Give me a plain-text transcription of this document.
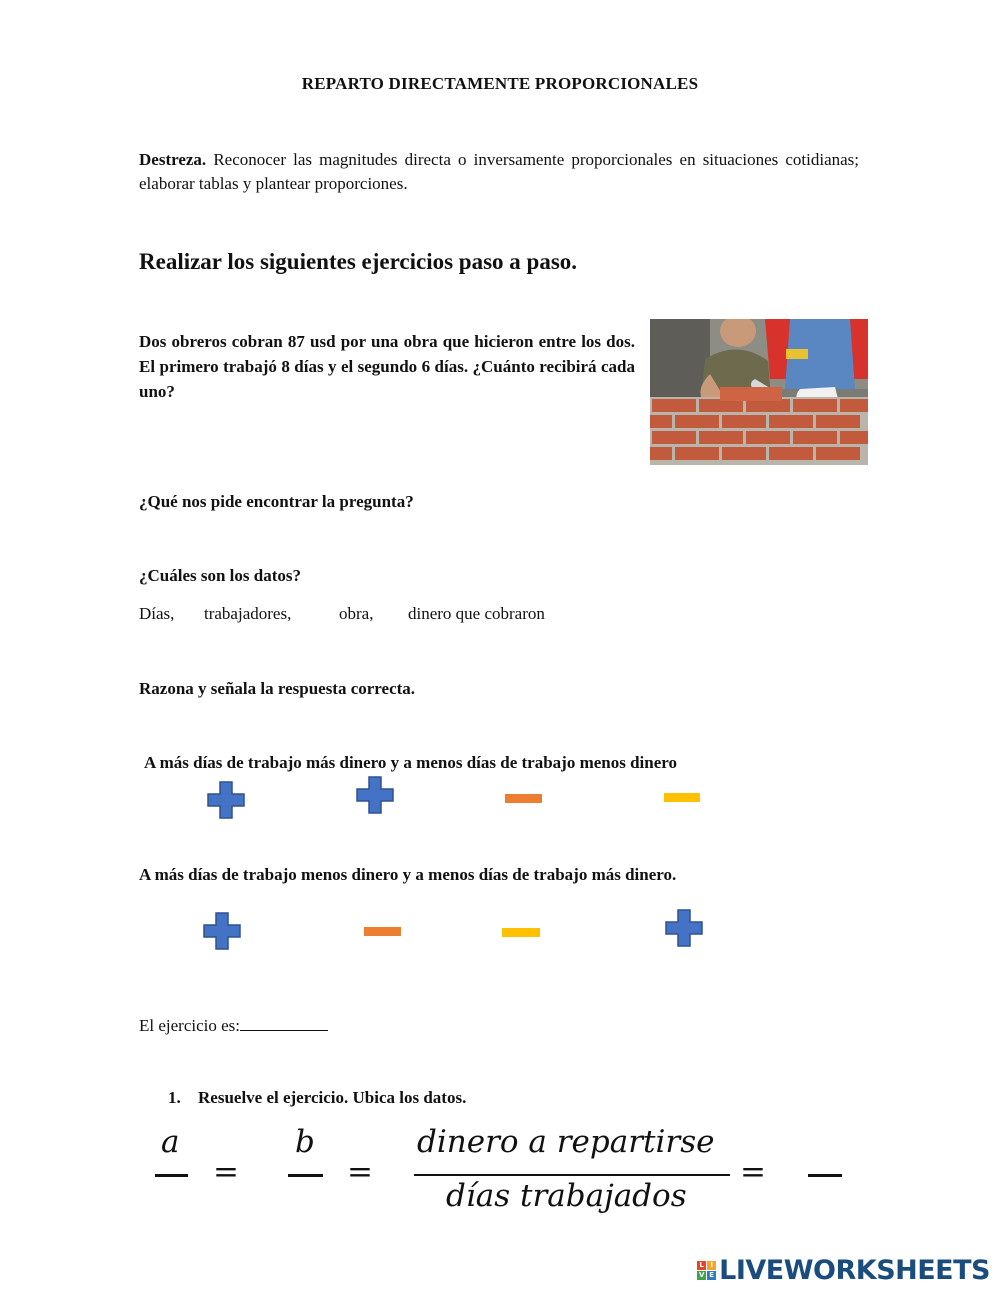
REPARTO DIRECTAMENTE PROPORCIONALES
Destreza. Reconocer las magnitudes directa o inversamente proporcionales en situaciones cotidianas; elaborar tablas y plantear proporciones.
Realizar los siguientes ejercicios paso a paso.
Dos obreros cobran 87 usd por una obra que hicieron entre los dos. El primero trabajó 8 días y el segundo 6 días. ¿Cuánto recibirá cada uno?
¿Qué nos pide encontrar la pregunta?
¿Cuáles son los datos?
Días, trabajadores,	obra, dinero que cobraron
Razona y señala la respuesta correcta.
A más días de trabajo más dinero y a menos días de trabajo menos dinero
A más días de trabajo menos dinero y a menos días de trabajo más dinero.
El ejercicio es:
1. Resuelve el ejercicio. Ubica los datos.
a
=
b
=
dinero a repartirse
días trabajados
=
L I
V E LIVEWORKSHEETS
